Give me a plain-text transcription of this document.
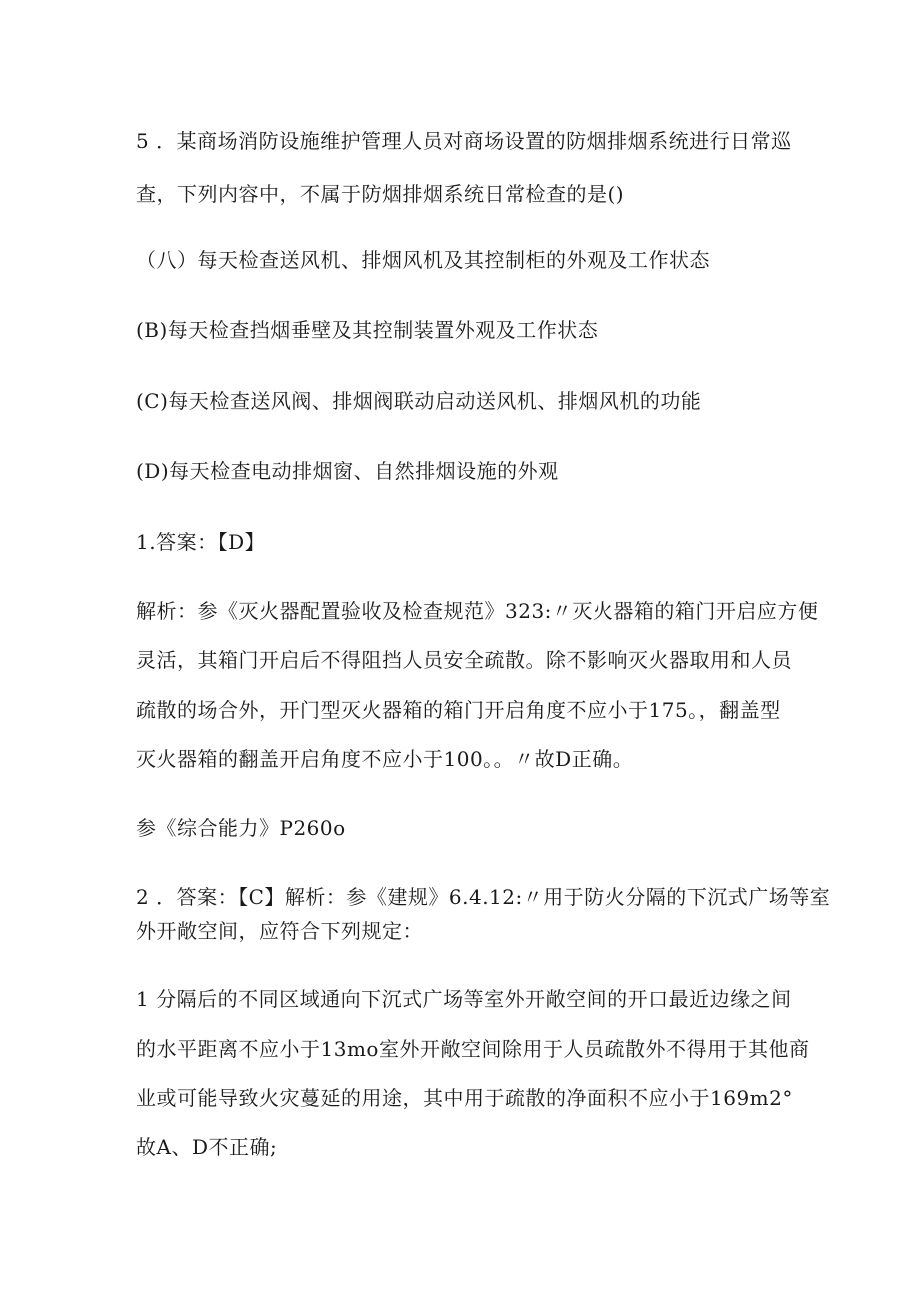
5 ．某商场消防设施维护管理人员对商场设置的防烟排烟系统进行日常巡
查，下列内容中，不属于防烟排烟系统日常检查的是()
（八）每天检查送风机、排烟风机及其控制柜的外观及工作状态
(B)每天检查挡烟垂壁及其控制装置外观及工作状态
(C)每天检查送风阀、排烟阀联动启动送风机、排烟风机的功能
(D)每天检查电动排烟窗、自然排烟设施的外观
1.答案：【D】
解析：参《灭火器配置验收及检查规范》323:〃灭火器箱的箱门开启应方便
灵活，其箱门开启后不得阻挡人员安全疏散。除不影响灭火器取用和人员
疏散的场合外，开门型灭火器箱的箱门开启角度不应小于175。，翻盖型
灭火器箱的翻盖开启角度不应小于100。。〃故D正确。
参《综合能力》P260o
2 ．答案：【C】解析：参《建规》6.4.12:〃用于防火分隔的下沉式广场等室
外开敞空间，应符合下列规定：
1 分隔后的不同区域通向下沉式广场等室外开敞空间的开口最近边缘之间
的水平距离不应小于13mo室外开敞空间除用于人员疏散外不得用于其他商
业或可能导致火灾蔓延的用途，其中用于疏散的净面积不应小于169m2°
故A、D不正确;
